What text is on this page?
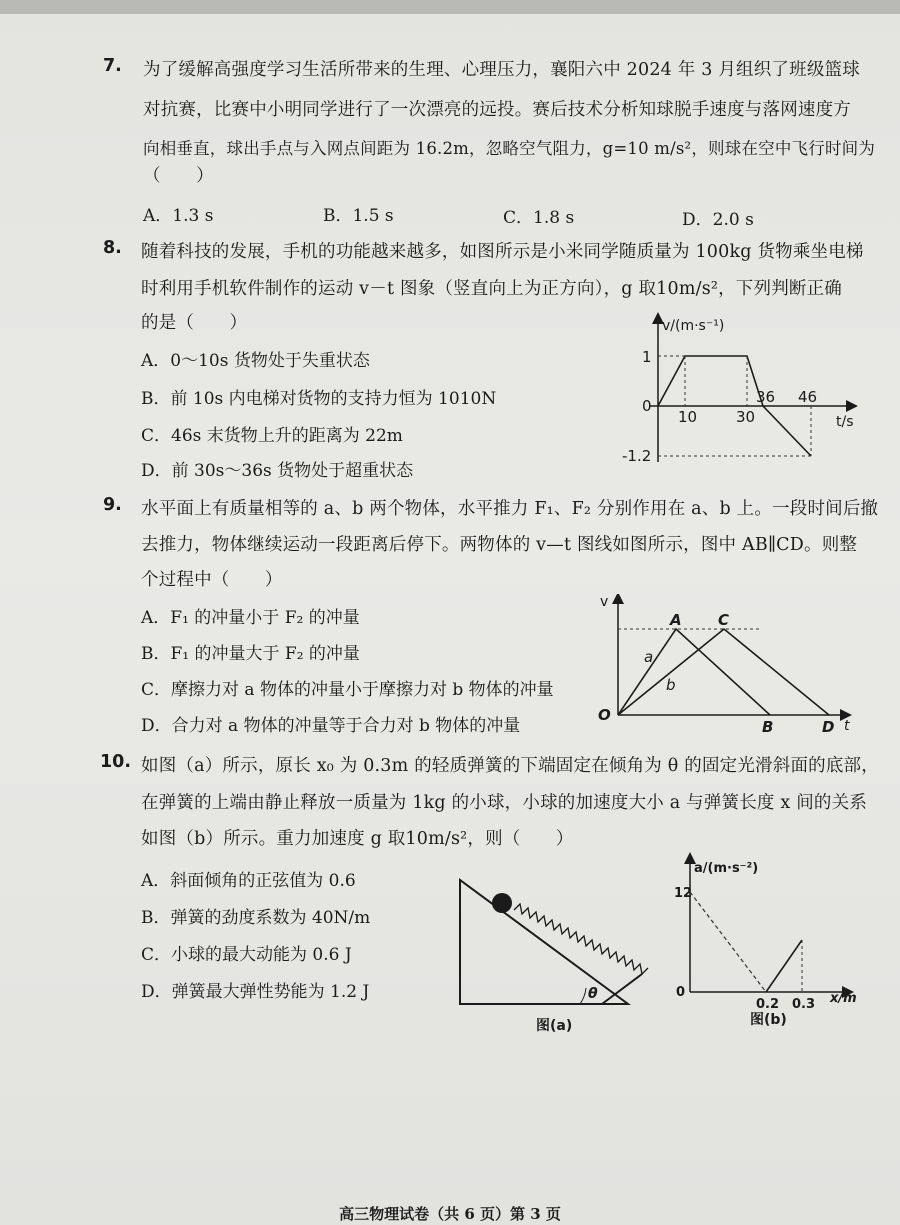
7. 为了缓解高强度学习生活所带来的生理、心理压力，襄阳六中 2024 年 3 月组织了班级篮球
对抗赛，比赛中小明同学进行了一次漂亮的远投。赛后技术分析知球脱手速度与落网速度方
向相垂直，球出手点与入网点间距为 16.2m，忽略空气阻力，g=10 m/s²，则球在空中飞行时间为
（　　）
A．1.3 s	B．1.5 s	C．1.8 s	D．2.0 s
8. 随着科技的发展，手机的功能越来越多，如图所示是小米同学随质量为 100kg 货物乘坐电梯
时利用手机软件制作的运动 v－t 图象（竖直向上为正方向），g 取10m/s²，下列判断正确
的是（　　）
A．0～10s 货物处于失重状态
B．前 10s 内电梯对货物的支持力恒为 1010N
C．46s 末货物上升的距离为 22m
D．前 30s～36s 货物处于超重状态
v/(m·s⁻¹)
t/s
0
1
-1.2
10	30
36 46
9. 水平面上有质量相等的 a、b 两个物体，水平推力 F₁、F₂ 分别作用在 a、b 上。一段时间后撤
去推力，物体继续运动一段距离后停下。两物体的 v—t 图线如图所示，图中 AB∥CD。则整
个过程中（　　）
A．F₁ 的冲量小于 F₂ 的冲量
B．F₁ 的冲量大于 F₂ 的冲量
C．摩擦力对 a 物体的冲量小于摩擦力对 b 物体的冲量
D．合力对 a 物体的冲量等于合力对 b 物体的冲量
v
t
O
A C
B	D
a
b
10. 如图（a）所示，原长 x₀ 为 0.3m 的轻质弹簧的下端固定在倾角为 θ 的固定光滑斜面的底部，
在弹簧的上端由静止释放一质量为 1kg 的小球，小球的加速度大小 a 与弹簧长度 x 间的关系
如图（b）所示。重力加速度 g 取10m/s²，则（　　）
A．斜面倾角的正弦值为 0.6
B．弹簧的劲度系数为 40N/m
C．小球的最大动能为 0.6 J
D．弹簧最大弹性势能为 1.2 J	θ
图(a)
a/(m·s⁻²)
x/m
12
0
0.2 0.3
图(b)
高三物理试卷（共 6 页）第 3 页
